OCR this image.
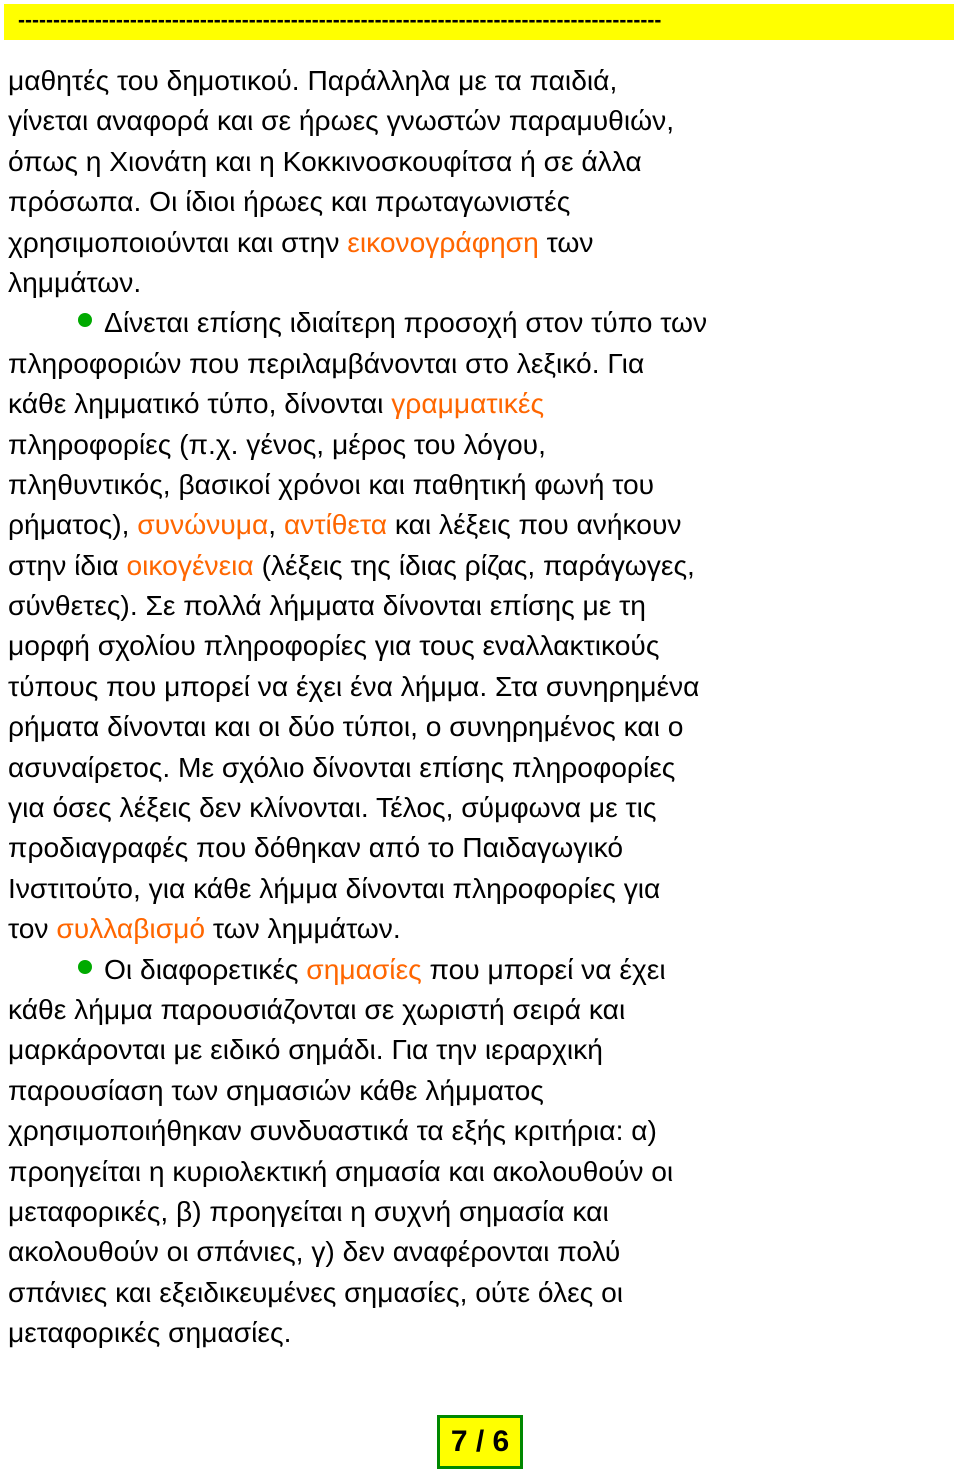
--------------------------------------------------------------------------------------------
μαθητές του δημοτικού. Παράλληλα με τα παιδιά,
γίνεται αναφορά και σε ήρωες γνωστών παραμυθιών,
όπως η Χιονάτη και η Κοκκινοσκουφίτσα ή σε άλλα
πρόσωπα. Οι ίδιοι ήρωες και πρωταγωνιστές
χρησιμοποιούνται και στην εικονογράφηση των
λημμάτων.
Δίνεται επίσης ιδιαίτερη προσοχή στον τύπο των
πληροφοριών που περιλαμβάνονται στο λεξικό. Για
κάθε λημματικό τύπο, δίνονται γραμματικές
πληροφορίες (π.χ. γένος, μέρος του λόγου,
πληθυντικός, βασικοί χρόνοι και παθητική φωνή του
ρήματος), συνώνυμα, αντίθετα και λέξεις που ανήκουν
στην ίδια οικογένεια (λέξεις της ίδιας ρίζας, παράγωγες,
σύνθετες). Σε πολλά λήμματα δίνονται επίσης με τη
μορφή σχολίου πληροφορίες για τους εναλλακτικούς
τύπους που μπορεί να έχει ένα λήμμα. Στα συνηρημένα
ρήματα δίνονται και οι δύο τύποι, ο συνηρημένος και ο
ασυναίρετος. Με σχόλιο δίνονται επίσης πληροφορίες
για όσες λέξεις δεν κλίνονται. Τέλος, σύμφωνα με τις
προδιαγραφές που δόθηκαν από το Παιδαγωγικό
Ινστιτούτο, για κάθε λήμμα δίνονται πληροφορίες για
τον συλλαβισμό των λημμάτων.
Οι διαφορετικές σημασίες που μπορεί να έχει
κάθε λήμμα παρουσιάζονται σε χωριστή σειρά και
μαρκάρονται με ειδικό σημάδι. Για την ιεραρχική
παρουσίαση των σημασιών κάθε λήμματος
χρησιμοποιήθηκαν συνδυαστικά τα εξής κριτήρια: α)
προηγείται η κυριολεκτική σημασία και ακολουθούν οι
μεταφορικές, β) προηγείται η συχνή σημασία και
ακολουθούν οι σπάνιες, γ) δεν αναφέρονται πολύ
σπάνιες και εξειδικευμένες σημασίες, ούτε όλες οι
μεταφορικές σημασίες.
7 / 6
